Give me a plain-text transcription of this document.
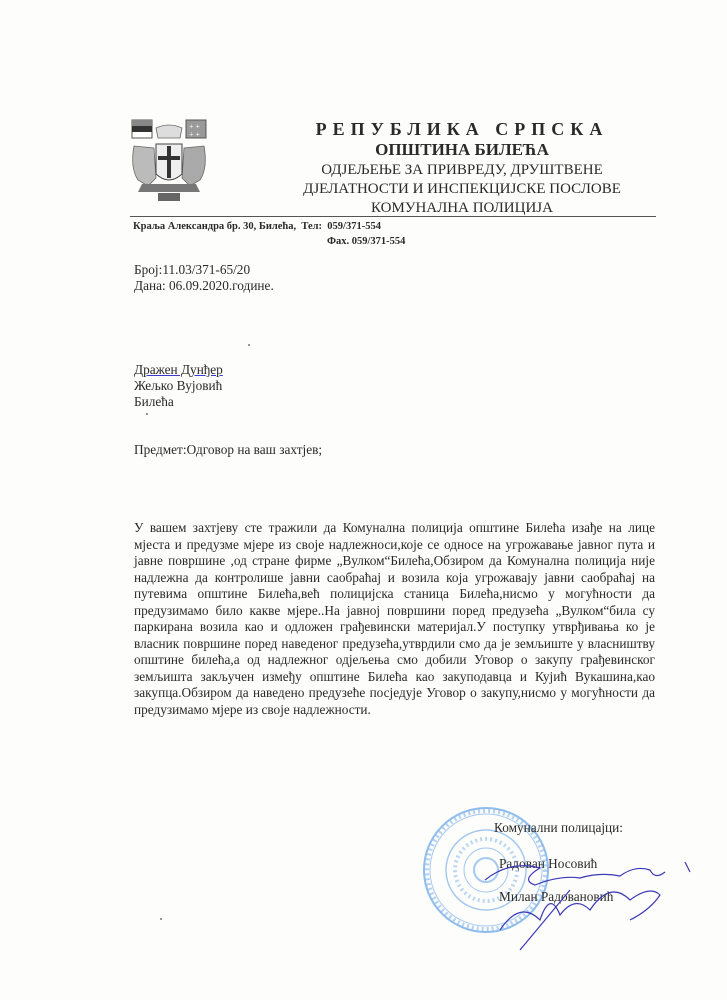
+ +
+ +	РЕПУБЛИКА СРПСКА
ОПШТИНА БИЛЕЋА
ОДЈЕЉЕЊЕ ЗА ПРИВРЕДУ, ДРУШТВЕНЕ
ДЈЕЛАТНОСТИ И ИНСПЕКЦИЈСКЕ ПОСЛОВЕ
КОМУНАЛНА ПОЛИЦИЈА
Краља Александра бр. 30, Билећа,  Тел:  059/371-554
Фах. 059/371-554
Број:11.03/371-65/20
Дана: 06.09.2020.године.
Дражен Дунђер
Жељко Вујовић
Билећа
Предмет:Одговор на ваш захтјев;
У вашем захтјеву сте тражили да Комунална полиција општине Билећа изађе на лице мјеста и предузме мјере из своје надлежноси,које се односе на угрожавање јавног пута и јавне површине ,од стране фирме „Вулком“Билећа,Обзиром да Комунална полиција није надлежна да контролише јавни саобраћај и возила која угрожавају јавни саобраћај на путевима општине Билећа,већ полицијска станица Билећа,нисмо у могућности да предузимамо било какве мјере..На јавној површини поред предузећа „Вулком“била су паркирана возила као и одложен грађевински материјал.У поступку утврђивања ко је власник површине поред наведеног предузећа,утврдили смо да је земљиште у власништву општине билећа,а од надлежног одјељења смо добили Уговор о закупу грађевинског земљишта закључен између општине Билећа као закуподавца и Кујић Вукашина,као закупца.Обзиром да наведено предузеће посједује Уговор о закупу,нисмо у могућности да предузимамо мјере из своје надлежности.
Комунални полицајци:
Радован Носовић
Милан Радовановић
